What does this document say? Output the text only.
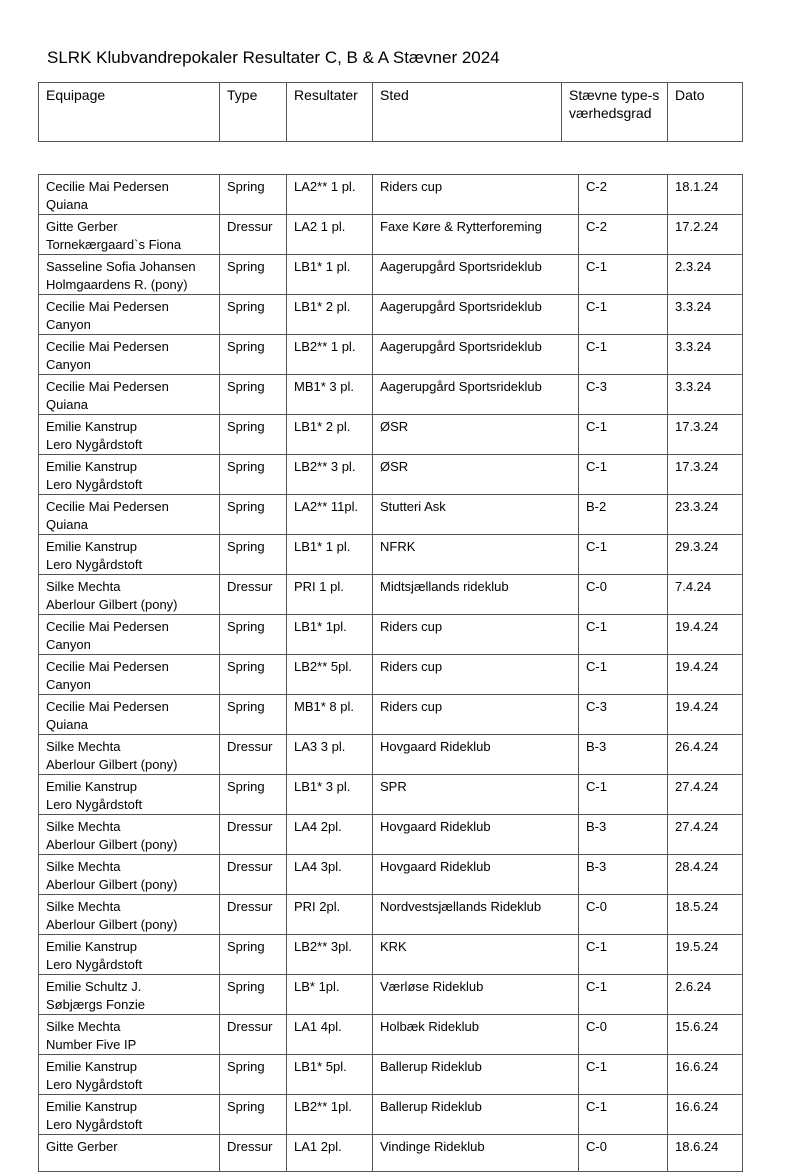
SLRK Klubvandrepokaler Resultater C, B & A Stævner 2024
Equipage	Type	Resultater	Sted	Stævne type-sværhedsgrad	Dato
Cecilie Mai Pedersen
Quiana	Spring	LA2** 1 pl.	Riders cup	C-2	18.1.24

Gitte Gerber
Tornekærgaard`s Fiona	Dressur	LA2 1 pl.	Faxe Køre & Rytterforeming	C-2	17.2.24

Sasseline Sofia Johansen
Holmgaardens R. (pony)	Spring	LB1* 1 pl.	Aagerupgård Sportsrideklub	C-1	2.3.24

Cecilie Mai Pedersen
Canyon	Spring	LB1* 2 pl.	Aagerupgård Sportsrideklub	C-1	3.3.24

Cecilie Mai Pedersen
Canyon	Spring	LB2** 1 pl.	Aagerupgård Sportsrideklub	C-1	3.3.24

Cecilie Mai Pedersen
Quiana	Spring	MB1* 3 pl.	Aagerupgård Sportsrideklub	C-3	3.3.24

Emilie Kanstrup
Lero Nygårdstoft	Spring	LB1* 2 pl.	ØSR	C-1	17.3.24

Emilie Kanstrup
Lero Nygårdstoft	Spring	LB2** 3 pl.	ØSR	C-1	17.3.24

Cecilie Mai Pedersen
Quiana	Spring	LA2** 11pl.	Stutteri Ask	B-2	23.3.24

Emilie Kanstrup
Lero Nygårdstoft	Spring	LB1* 1 pl.	NFRK	C-1	29.3.24

Silke Mechta
Aberlour Gilbert (pony)	Dressur	PRI 1 pl.	Midtsjællands rideklub	C-0	7.4.24

Cecilie Mai Pedersen
Canyon	Spring	LB1* 1pl.	Riders cup	C-1	19.4.24

Cecilie Mai Pedersen
Canyon	Spring	LB2** 5pl.	Riders cup	C-1	19.4.24

Cecilie Mai Pedersen
Quiana	Spring	MB1* 8 pl.	Riders cup	C-3	19.4.24

Silke Mechta
Aberlour Gilbert (pony)	Dressur	LA3 3 pl.	Hovgaard Rideklub	B-3	26.4.24

Emilie Kanstrup
Lero Nygårdstoft	Spring	LB1* 3 pl.	SPR	C-1	27.4.24

Silke Mechta
Aberlour Gilbert (pony)	Dressur	LA4 2pl.	Hovgaard Rideklub	B-3	27.4.24

Silke Mechta
Aberlour Gilbert (pony)	Dressur	LA4 3pl.	Hovgaard Rideklub	B-3	28.4.24

Silke Mechta
Aberlour Gilbert (pony)	Dressur	PRI 2pl.	Nordvestsjællands Rideklub	C-0	18.5.24

Emilie Kanstrup
Lero Nygårdstoft	Spring	LB2** 3pl.	KRK	C-1	19.5.24

Emilie Schultz J.
Søbjærgs Fonzie	Spring	LB* 1pl.	Værløse Rideklub	C-1	2.6.24

Silke Mechta
Number Five IP	Dressur	LA1 4pl.	Holbæk Rideklub	C-0	15.6.24

Emilie Kanstrup
Lero Nygårdstoft	Spring	LB1* 5pl.	Ballerup Rideklub	C-1	16.6.24

Emilie Kanstrup
Lero Nygårdstoft	Spring	LB2** 1pl.	Ballerup Rideklub	C-1	16.6.24

Gitte Gerber	Dressur	LA1 2pl.	Vindinge Rideklub	C-0	18.6.24
